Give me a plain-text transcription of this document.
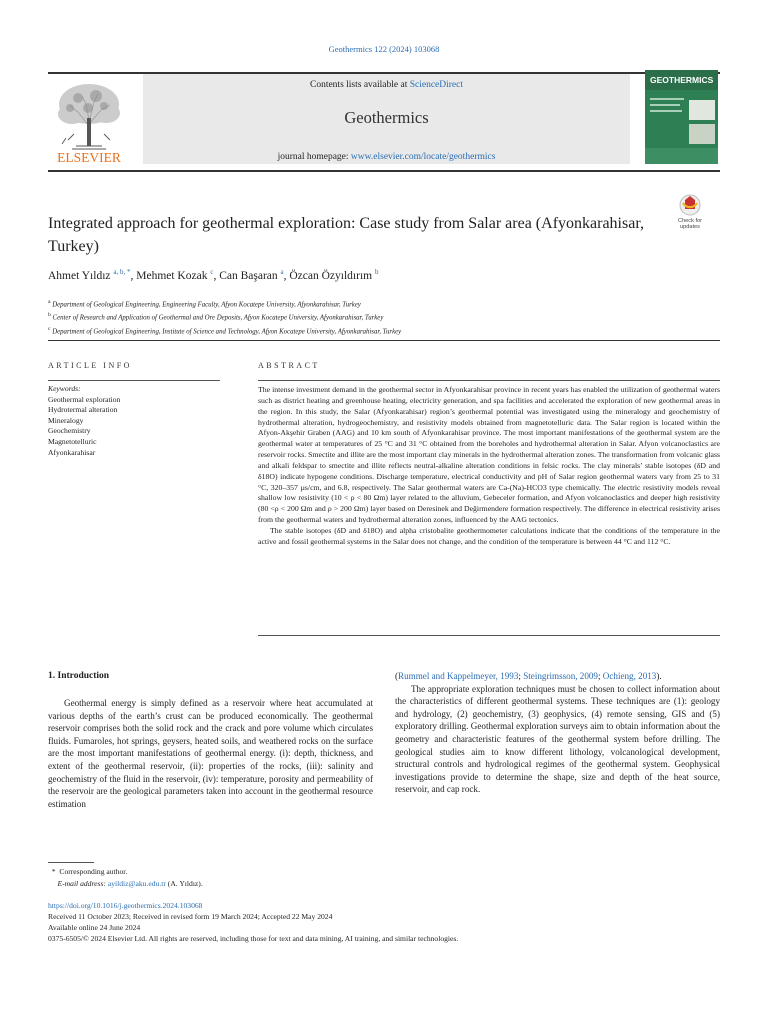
Geothermics 122 (2024) 103068
ELSEVIER
Contents lists available at ScienceDirect
Geothermics
journal homepage: www.elsevier.com/locate/geothermics
GEOTHERMICS
Check for
updates
Integrated approach for geothermal exploration: Case study from Salar area (Afyonkarahisar, Turkey)
Ahmet Yıldız $^{a, b, *}$, Mehmet Kozak $^c$, Can Başaran $^a$, Özcan Özyıldırım $^b$
$^a$ Department of Geological Engineering, Engineering Faculty, Afyon Kocatepe University, Afyonkarahisar, Turkey
$^b$ Center of Research and Application of Geothermal and Ore Deposits, Afyon Kocatepe University, Afyonkarahisar, Turkey
$^c$ Department of Geological Engineering, Institute of Science and Technology, Afyon Kocatepe University, Afyonkarahisar, Turkey
ARTICLE INFO	ABSTRACT
Keywords:
Geothermal exploration
Hydrotermal alteration
Mineralogy
Geochemistry
Magnetotelluric
Afyonkarahisar

The intense investment demand in the geothermal sector in Afyonkarahisar province in recent years has enabled the utilization of geothermal waters such as district heating and greenhouse heating, electricity generation, and spa facilities and accelerated the exploration of new geothermal areas in the region. In this study, the Salar (Afyonkarahisar) region’s geothermal potential was investigated using the mineralogy and geochemistry of hydrothermal alteration, hydrogeochemistry, and resistivity models obtained from magnetotelluric data. The Salar region is located within the Afyon-Akşehir Graben (AAG) and 10 km south of Afyonkarahisar province. The most important manifestations of the geothermal system are the geothermal water at temperatures of 25 °C and 31 °C obtained from the boreholes and hydrothermal alteration in Salar. Afyon volcanoclastics are reservoir rocks. Smectite and illite are the most important clay minerals in the hydrothermal alteration zones. The transformation from volcanic glass and alkali feldspar to smectite and illite reflects neutral-alkaline alteration conditions in felsic rocks. The clay minerals’ stable isotopes (δD and δ18O) indicate hypogene conditions. Discharge temperature, electrical conductivity and pH of Salar region geothermal waters vary from 25 to 31 °C, 320–357 µs/cm, and 6.8, respectively. The Salar geothermal waters are Ca-(Na)-HCO3 type chemically. The electric resistivity models reveal shallow low resistivity (10 < ρ < 80 Ωm) layer related to the alluvium, Gebeceler formation, and Afyon volcanoclastics and deeper high resistivity (80 <ρ < 200 Ωm and ρ > 200 Ωm) layer based on Deresinek and Değirmendere formation respectively. The difference in electrical resistivity arises from the geothermal waters and hydrothermal alteration zones, influenced by the AAG tectonics.

The stable isotopes (δD and δ18O) and alpha cristobalite geothermometer calculations indicate that the conditions of the temperature in the active and fossil geothermal systems in the Salar does not change, and the condition of the temperature is between 44 °C and 112 °C.

1. Introduction

Geothermal energy is simply defined as a reservoir where heat accumulated at various depths of the earth’s crust can be produced economically. The geothermal reservoir comprises both the solid rock and the crack and pore volume which circulates fluids. Fumaroles, hot springs, geysers, heated soils, and weathered rocks on the surface are the most important manifestations of geothermal energy. (i): depth, thickness, and extent of the geothermal reservoir, (ii): properties of the rocks, (iii): salinity and geochemistry of the fluid in the reservoir, (iv): temperature, porosity and permeability of the reservoir are the geological parameters taken into account in the geothermal resource estimation

(Rummel and Kappelmeyer, 1993; Steingrimsson, 2009; Ochieng, 2013).

The appropriate exploration techniques must be chosen to collect information about the characteristics of different geothermal systems. These techniques are (1): geology and hydrology, (2) geochemistry, (3) geophysics, (4) remote sensing, GIS and (5) exploratory drilling. Geothermal exploration surveys aim to obtain information about the geometry and characteristic features of the geothermal system before drilling. The geological studies aim to know different lithology, volcanological development, structural controls and hydrological regimes of the geothermal system. Geophysical investigations provide to determine the shape, size and depth of the heat source, reservoir, and cap rock.

* Corresponding author.
E-mail address: ayildiz@aku.edu.tr (A. Yıldız).
https://doi.org/10.1016/j.geothermics.2024.103068
Received 11 October 2023; Received in revised form 19 March 2024; Accepted 22 May 2024
Available online 24 June 2024
0375-6505/© 2024 Elsevier Ltd. All rights are reserved, including those for text and data mining, AI training, and similar technologies.
